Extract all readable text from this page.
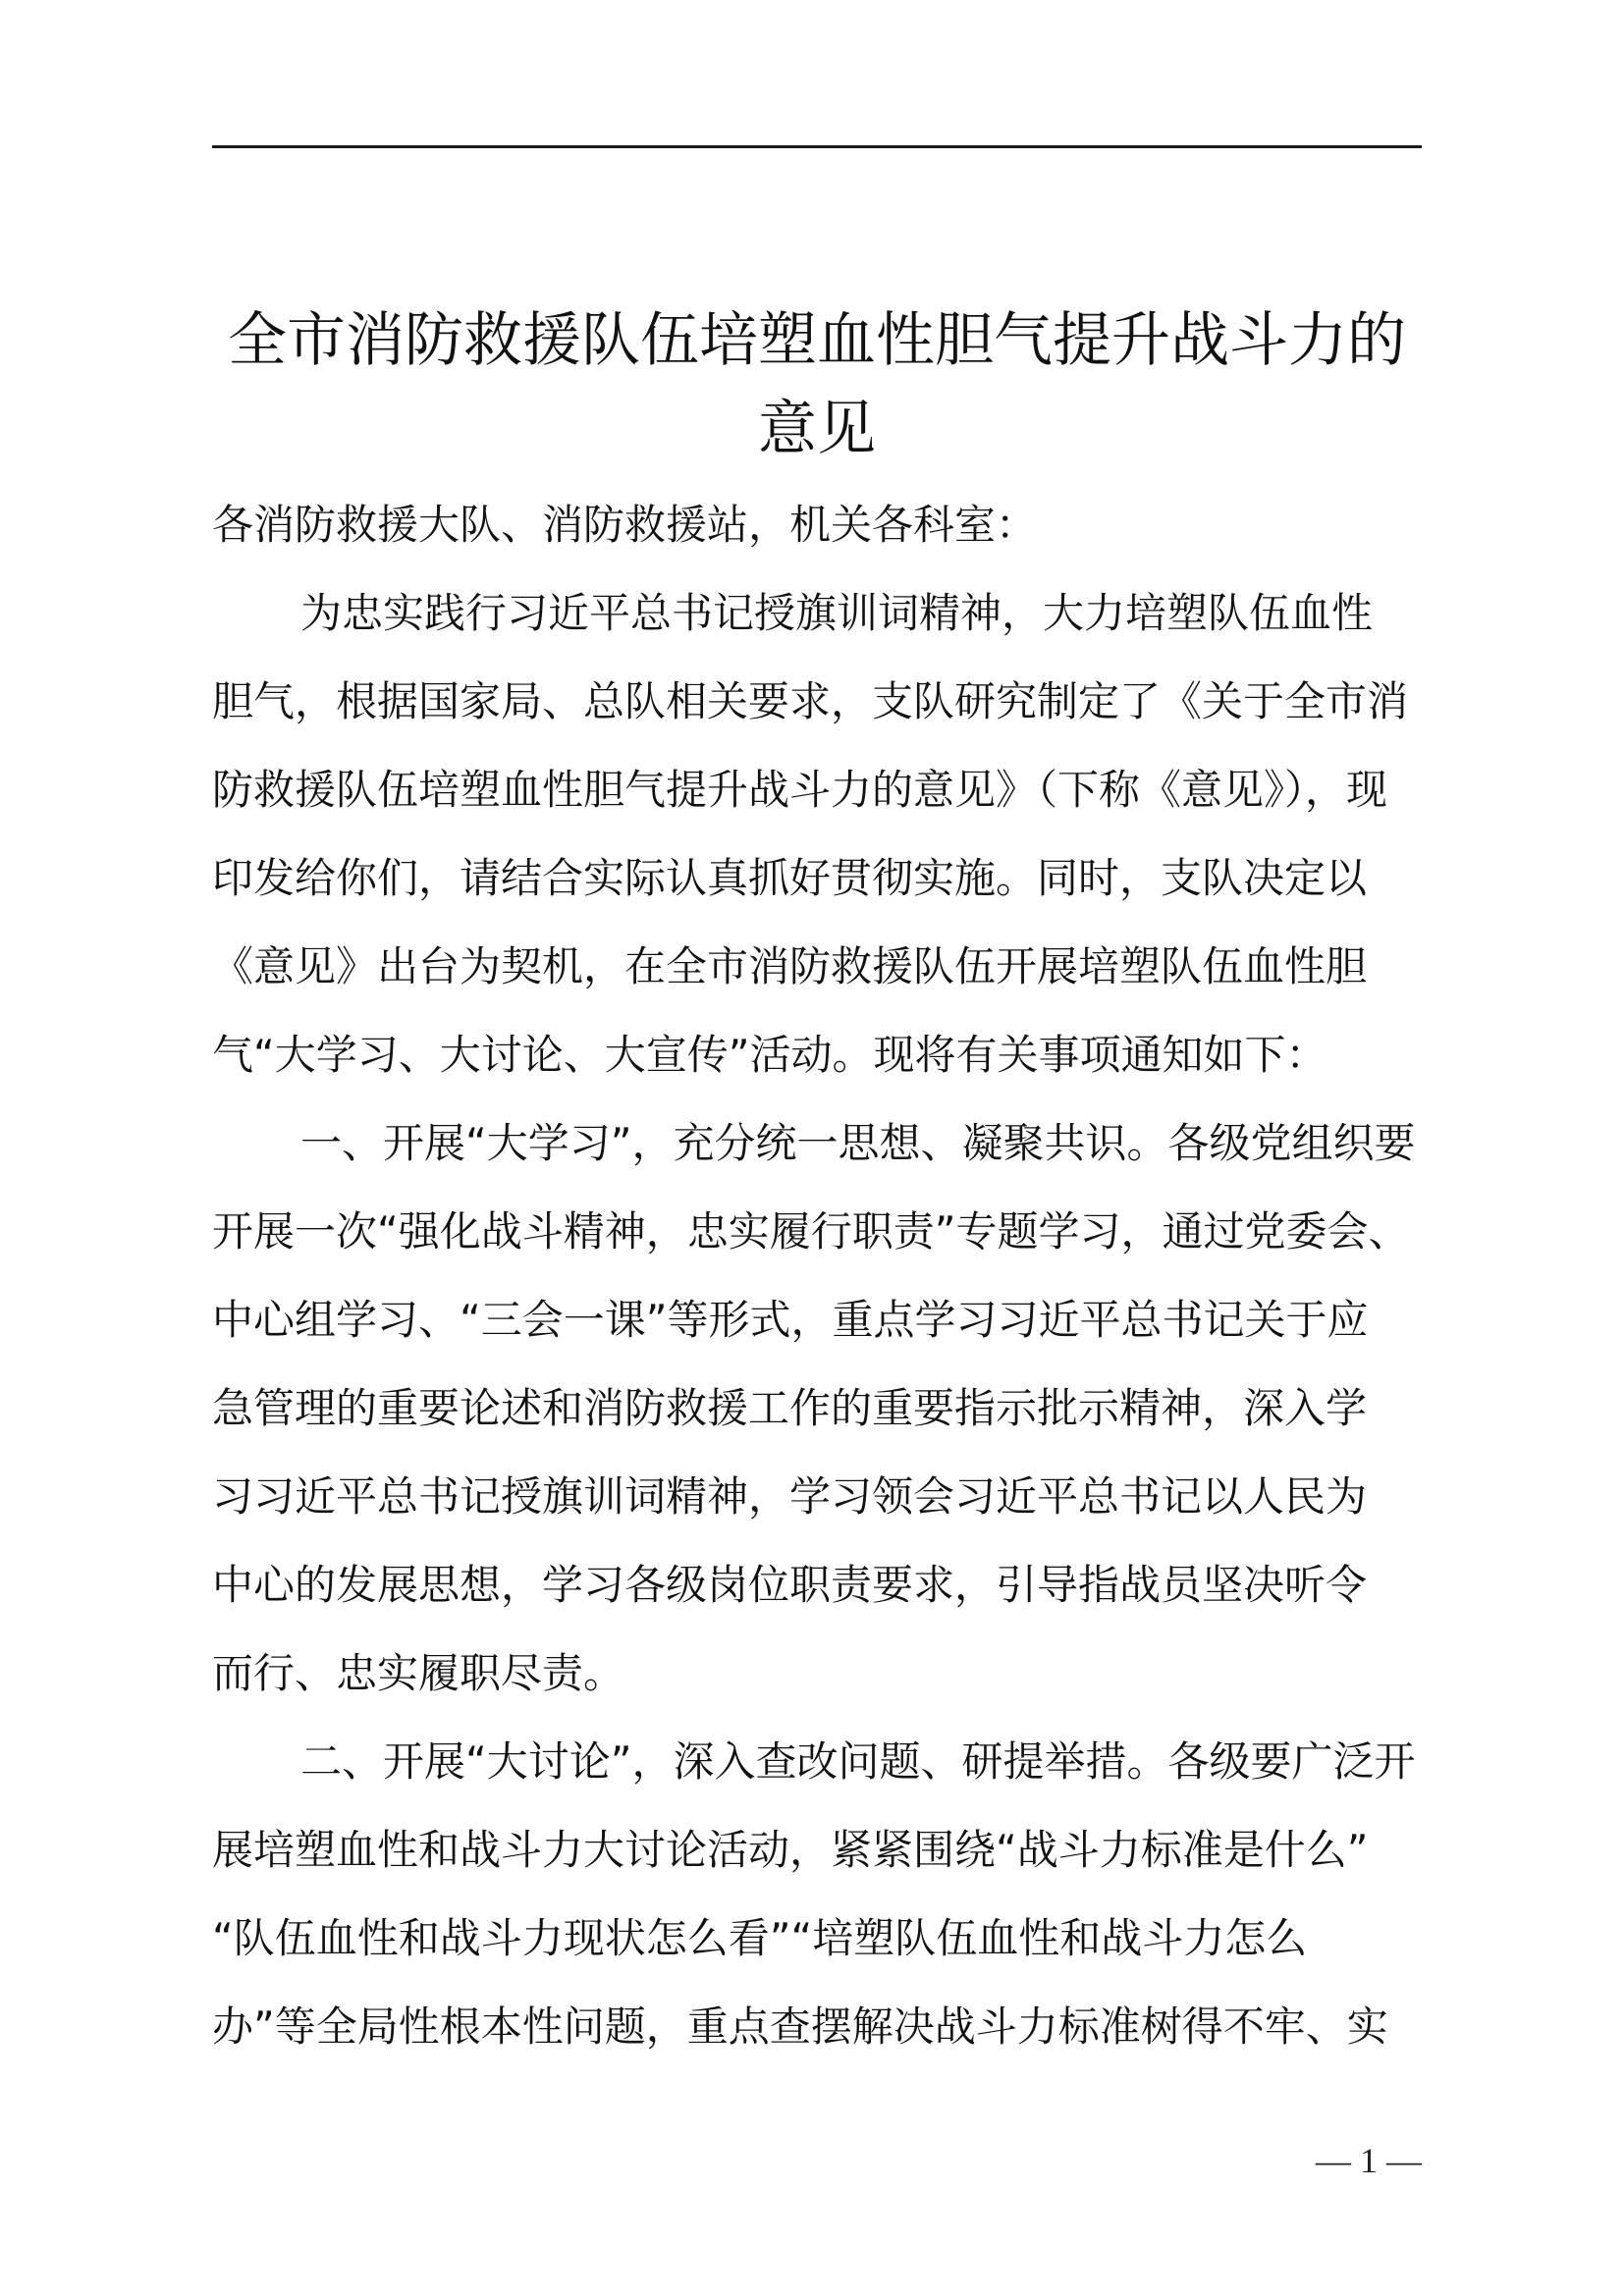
全市消防救援队伍培塑血性胆气提升战斗力的
意见
各消防救援大队、消防救援站，机关各科室：
为忠实践行习近平总书记授旗训词精神，大力培塑队伍血性
胆气，根据国家局、总队相关要求，支队研究制定了《关于全市消
防救援队伍培塑血性胆气提升战斗力的意见》（下称《意见》），现
印发给你们，请结合实际认真抓好贯彻实施。同时，支队决定以
《意见》出台为契机，在全市消防救援队伍开展培塑队伍血性胆
气“大学习、大讨论、大宣传”活动。现将有关事项通知如下：
一、开展“大学习”，充分统一思想、凝聚共识。各级党组织要
开展一次“强化战斗精神，忠实履行职责”专题学习，通过党委会、
中心组学习、“三会一课”等形式，重点学习习近平总书记关于应
急管理的重要论述和消防救援工作的重要指示批示精神，深入学
习习近平总书记授旗训词精神，学习领会习近平总书记以人民为
中心的发展思想，学习各级岗位职责要求，引导指战员坚决听令
而行、忠实履职尽责。
二、开展“大讨论”，深入查改问题、研提举措。各级要广泛开
展培塑血性和战斗力大讨论活动，紧紧围绕“战斗力标准是什么”
“队伍血性和战斗力现状怎么看”“培塑队伍血性和战斗力怎么
办”等全局性根本性问题，重点查摆解决战斗力标准树得不牢、实
— 1 —
